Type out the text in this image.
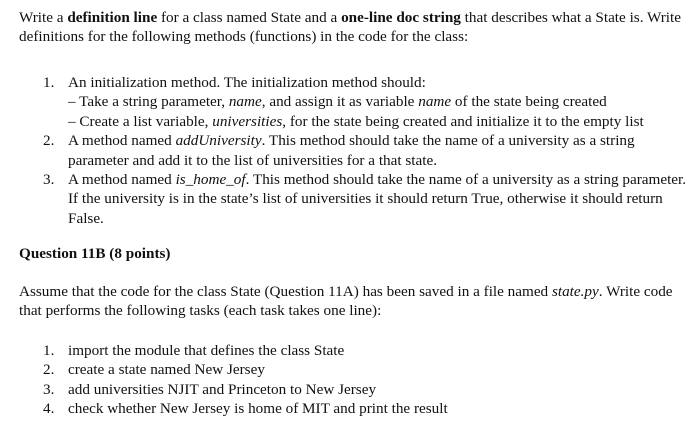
Write a definition line for a class named State and a one-line doc string that describes what a State is. Write definitions for the following methods (functions) in the code for the class:
1. An initialization method. The initialization method should:
– Take a string parameter, name, and assign it as variable name of the state being created
– Create a list variable, universities, for the state being created and initialize it to the empty list
2. A method named addUniversity. This method should take the name of a university as a string parameter and add it to the list of universities for a that state.
3. A method named is_home_of. This method should take the name of a university as a string parameter. If the university is in the state’s list of universities it should return True, otherwise it should return False.
Question 11B (8 points)
Assume that the code for the class State (Question 11A) has been saved in a file named state.py. Write code that performs the following tasks (each task takes one line):
1. import the module that defines the class State
2. create a state named New Jersey
3. add universities NJIT and Princeton to New Jersey
4. check whether New Jersey is home of MIT and print the result
